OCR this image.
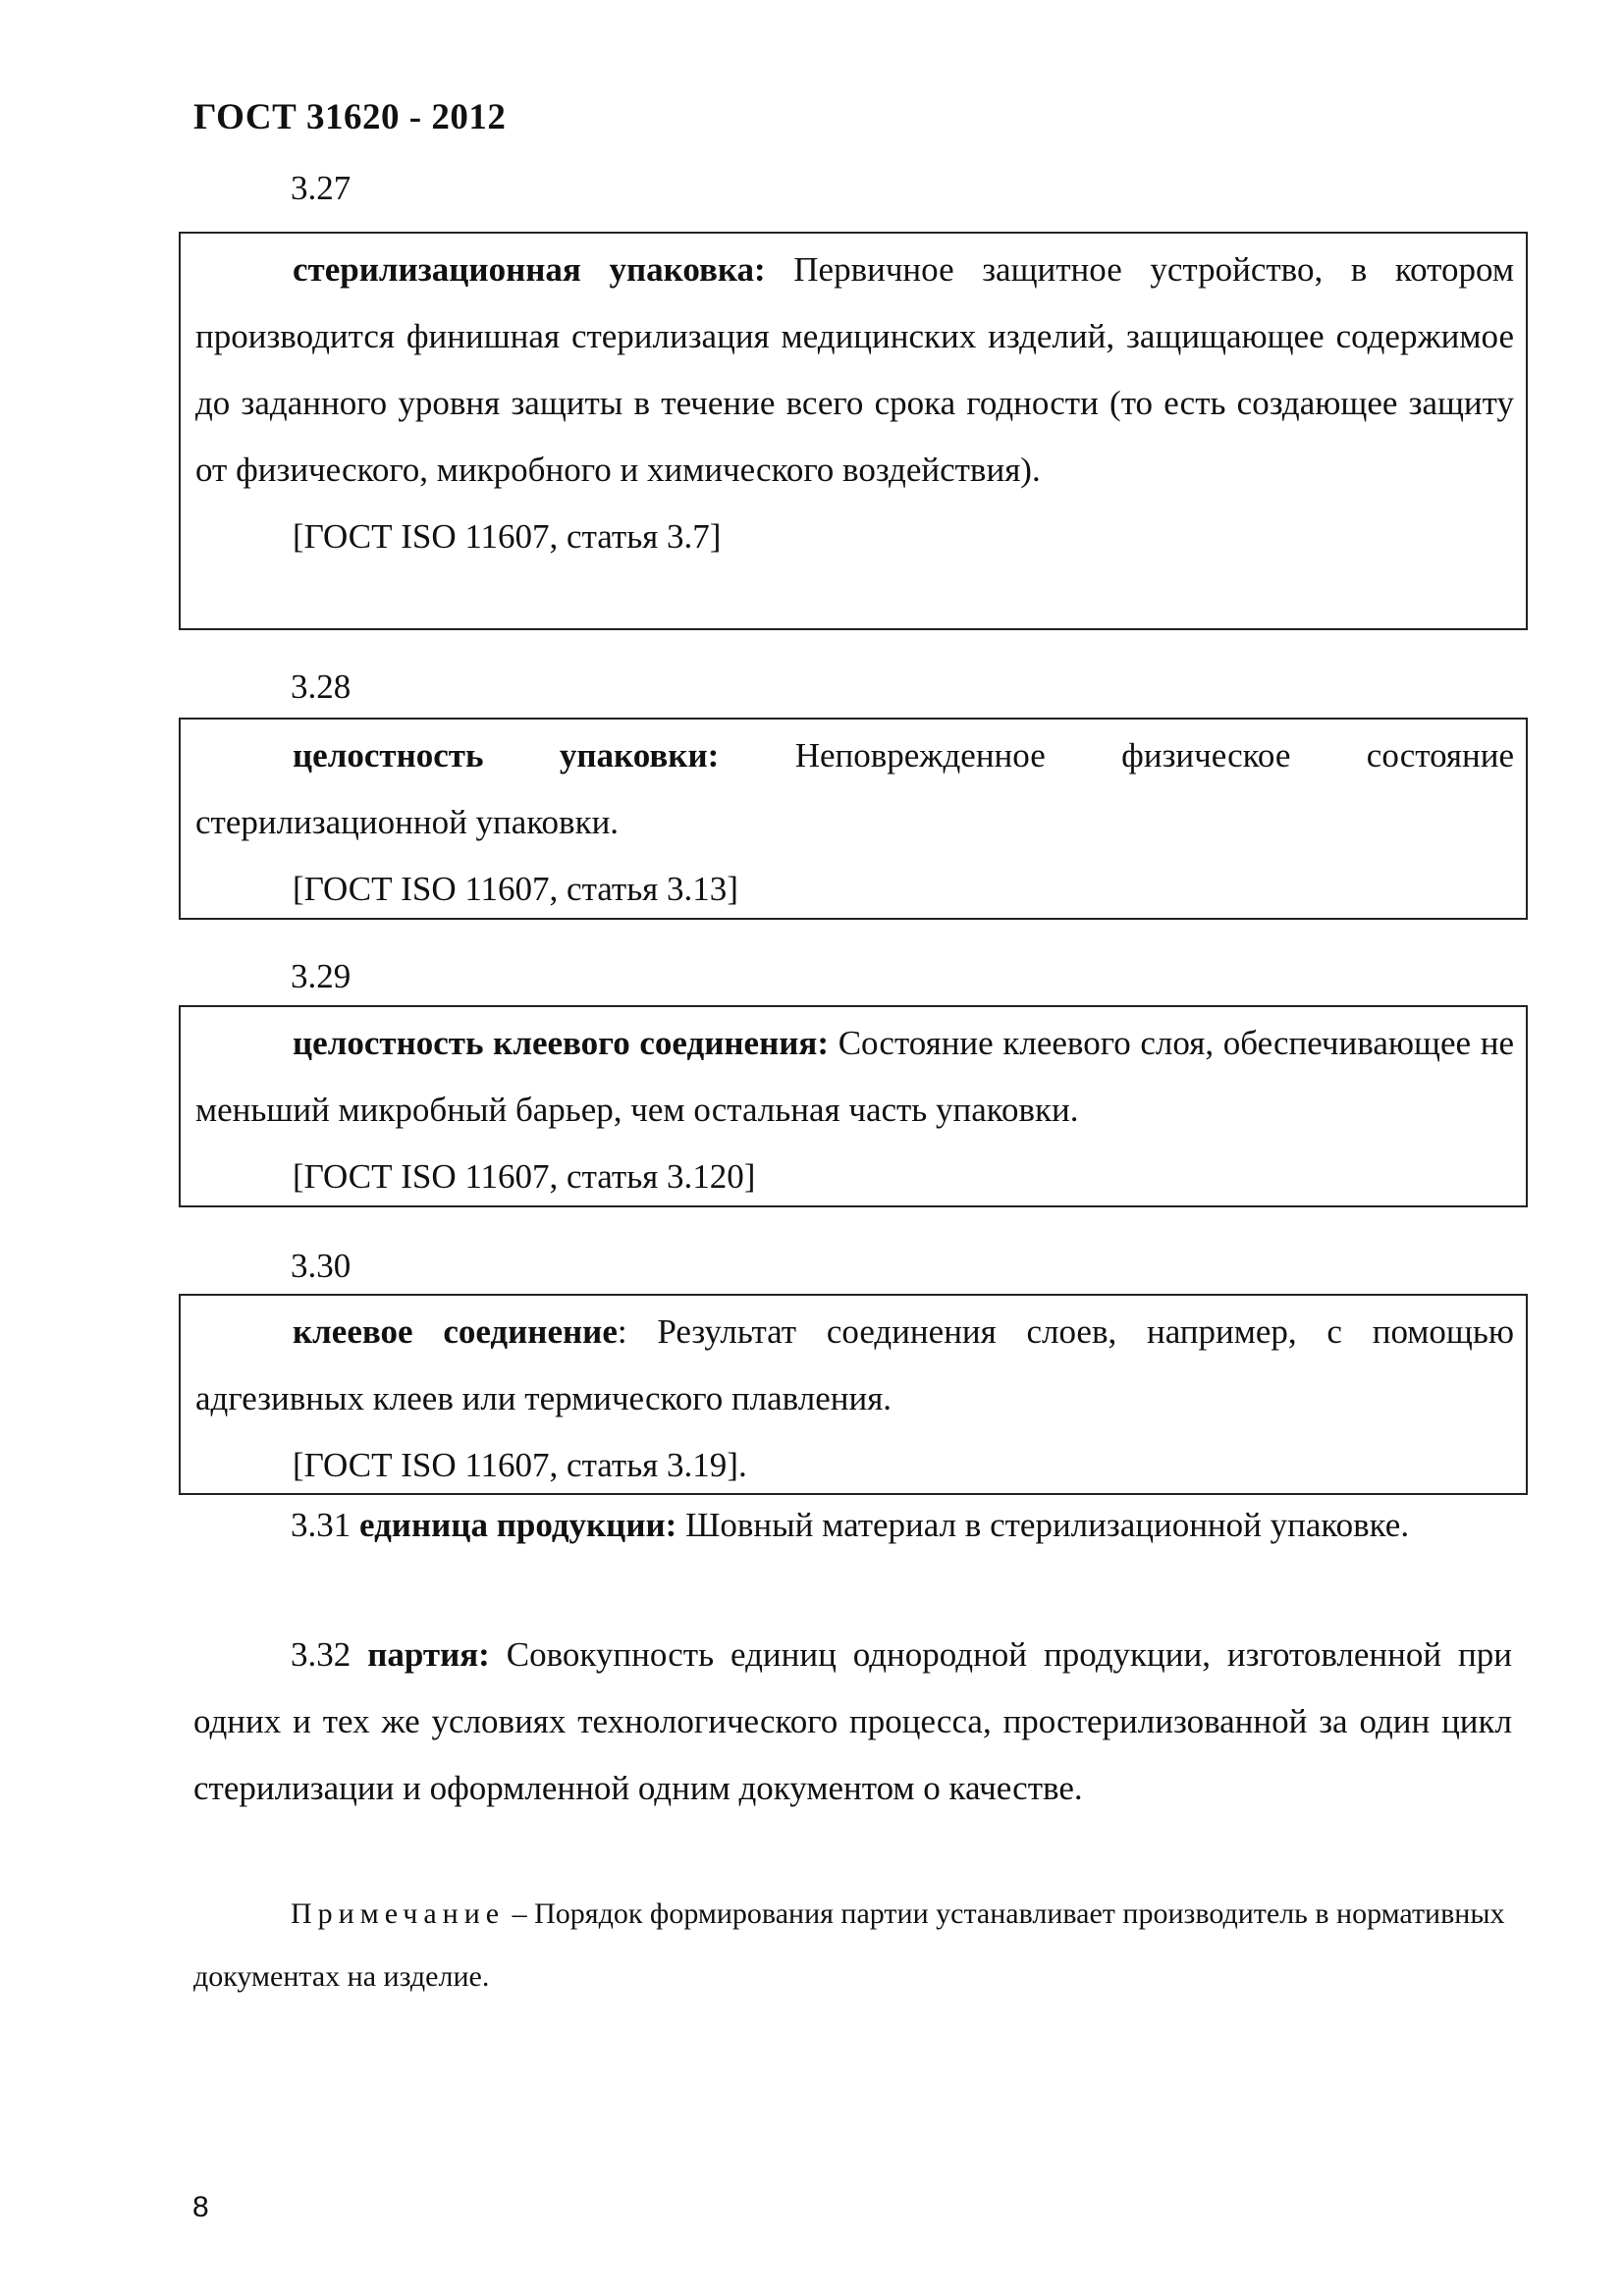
ГОСТ 31620 - 2012
3.27
стерилизационная упаковка: Первичное защитное устройство, в котором производится финишная стерилизация медицинских изделий, защищающее содержимое до заданного уровня защиты в течение всего срока годности (то есть создающее защиту от физического, микробного и химического воздействия).
[ГОСТ ISO 11607, статья 3.7]
3.28
целостность упаковки: Неповрежденное физическое состояние стерилизационной упаковки.
[ГОСТ ISO 11607, статья 3.13]
3.29
целостность клеевого соединения: Состояние клеевого слоя, обеспечивающее не меньший микробный барьер, чем остальная часть упаковки.
[ГОСТ ISO 11607, статья 3.120]
3.30
клеевое соединение: Результат соединения слоев, например, с помощью адгезивных клеев или термического плавления.
[ГОСТ ISO 11607, статья 3.19].
3.31 единица продукции: Шовный материал в стерилизационной упаковке.
3.32 партия: Совокупность единиц однородной продукции, изготовленной при одних и тех же условиях технологического процесса, простерилизованной за один цикл стерилизации и оформленной одним документом о качестве.
Примечание – Порядок формирования партии устанавливает производитель в нормативных документах на изделие.
8
